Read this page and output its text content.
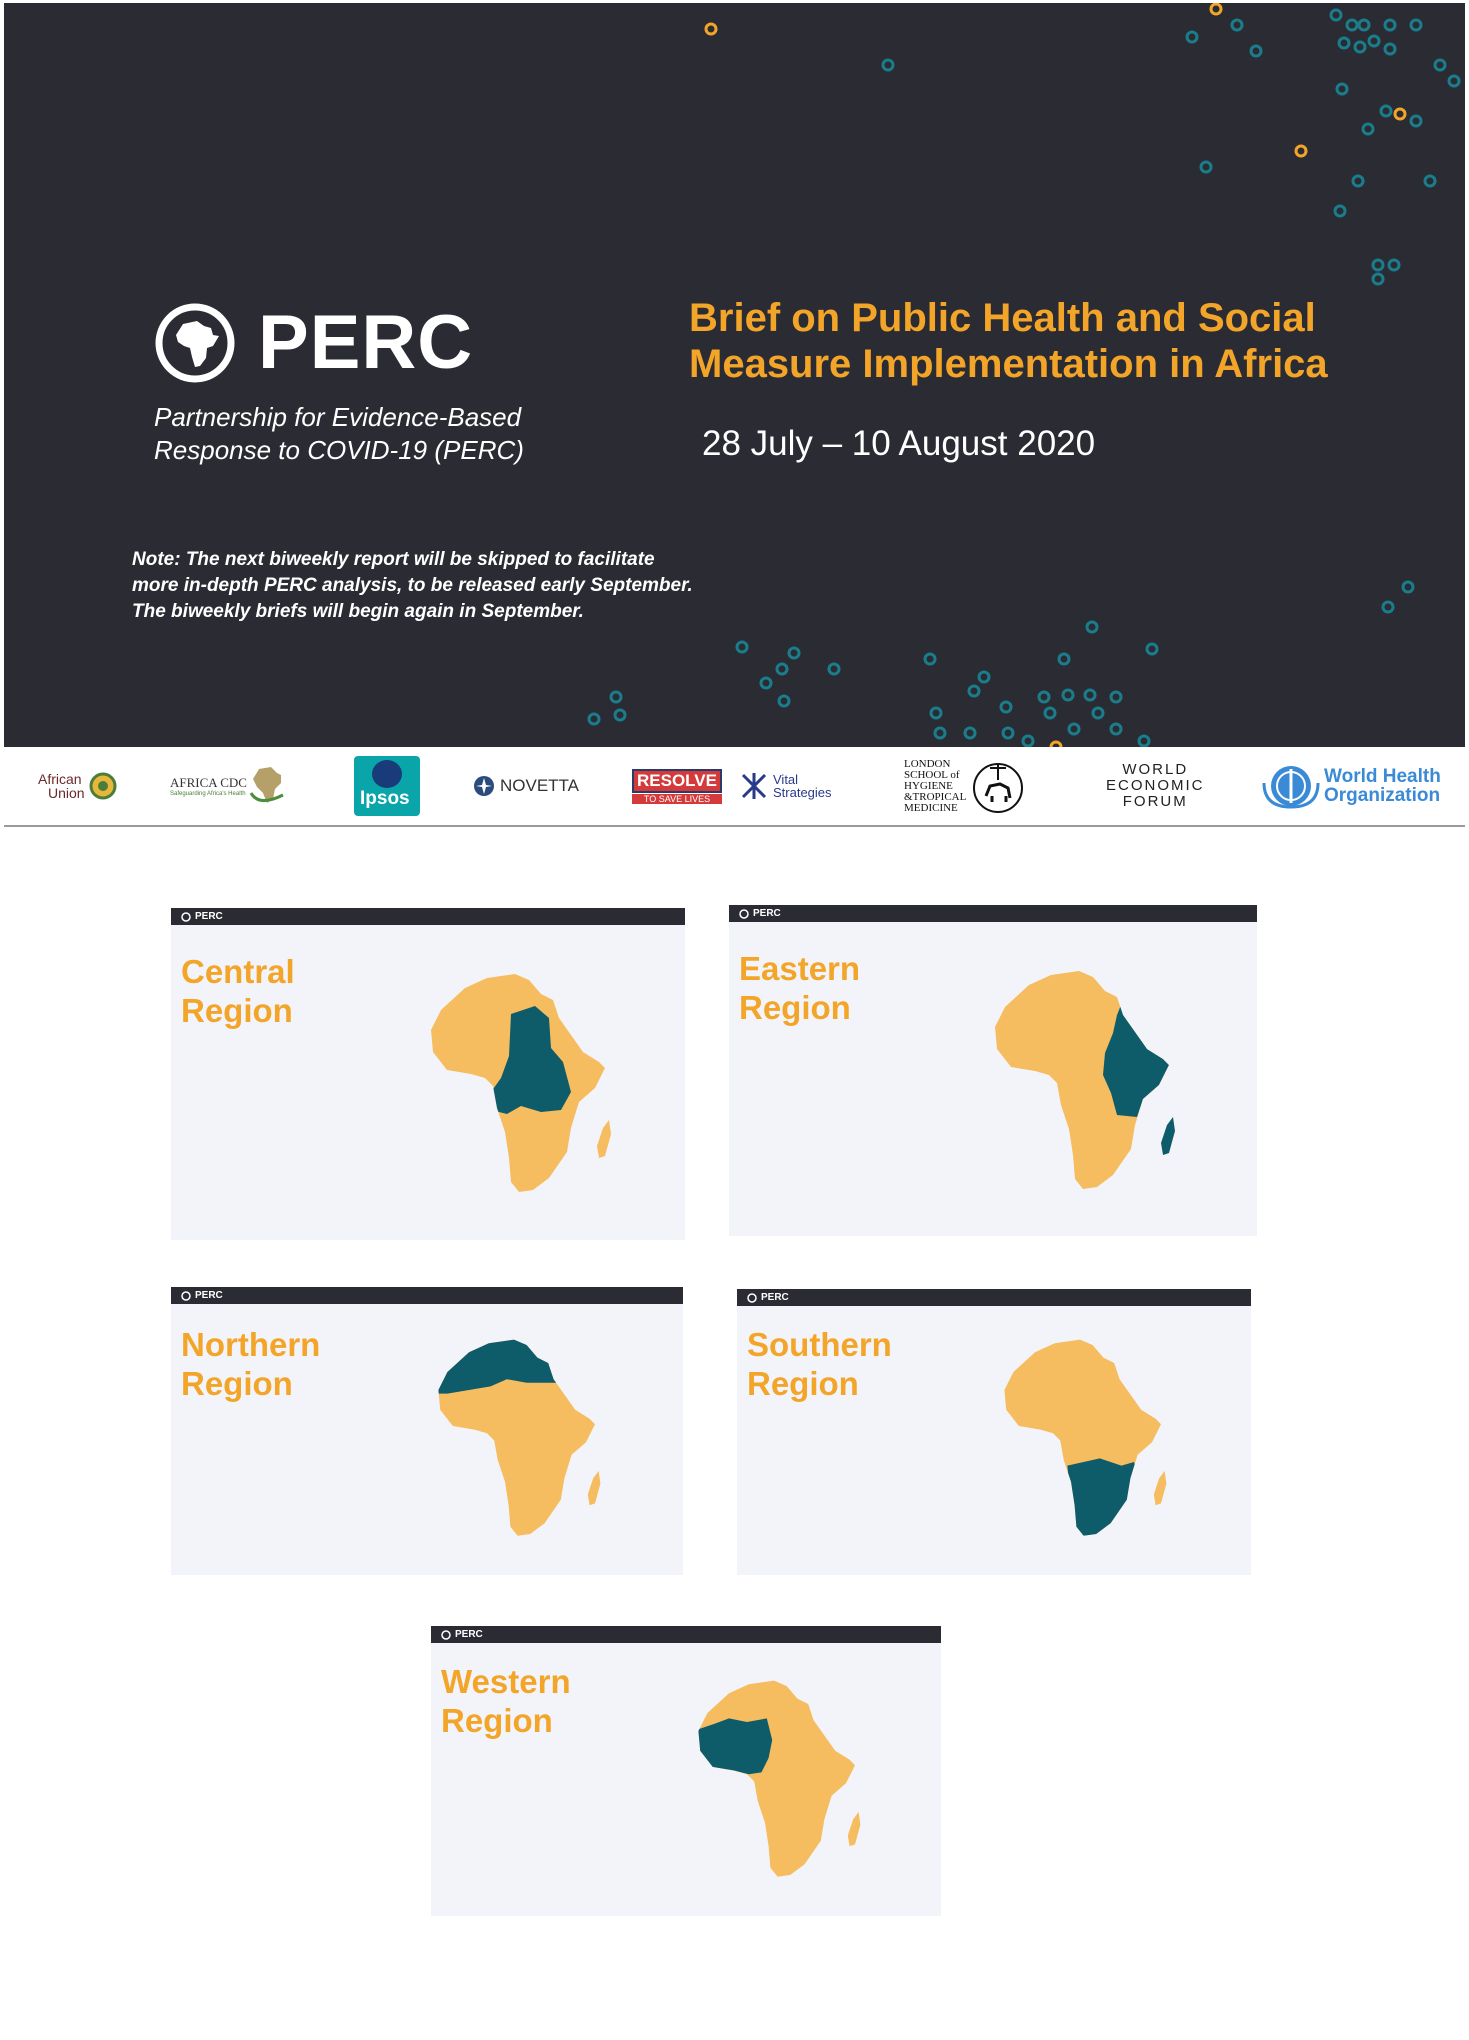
PERC
Partnership for Evidence-Based Response to COVID-19 (PERC)
Brief on Public Health and Social Measure Implementation in Africa
28 July – 10 August 2020
Note: The next biweekly report will be skipped to facilitate more in-depth PERC analysis, to be released early September. The biweekly briefs will begin again in September.
African
Union
AFRICA CDC
Safeguarding Africa's Health	Ipsos
NOVETTA	RESOLVE
TO SAVE LIVES
Vital
Strategies
LONDON
SCHOOL of
HYGIENE
&TROPICAL
MEDICINE
WORLD
ECONOMIC
FORUM
World Health
Organization
PERC
Central
Region
PERC
Eastern
Region
PERC
Northern
Region
PERC
Southern
Region
PERC
Western
Region
